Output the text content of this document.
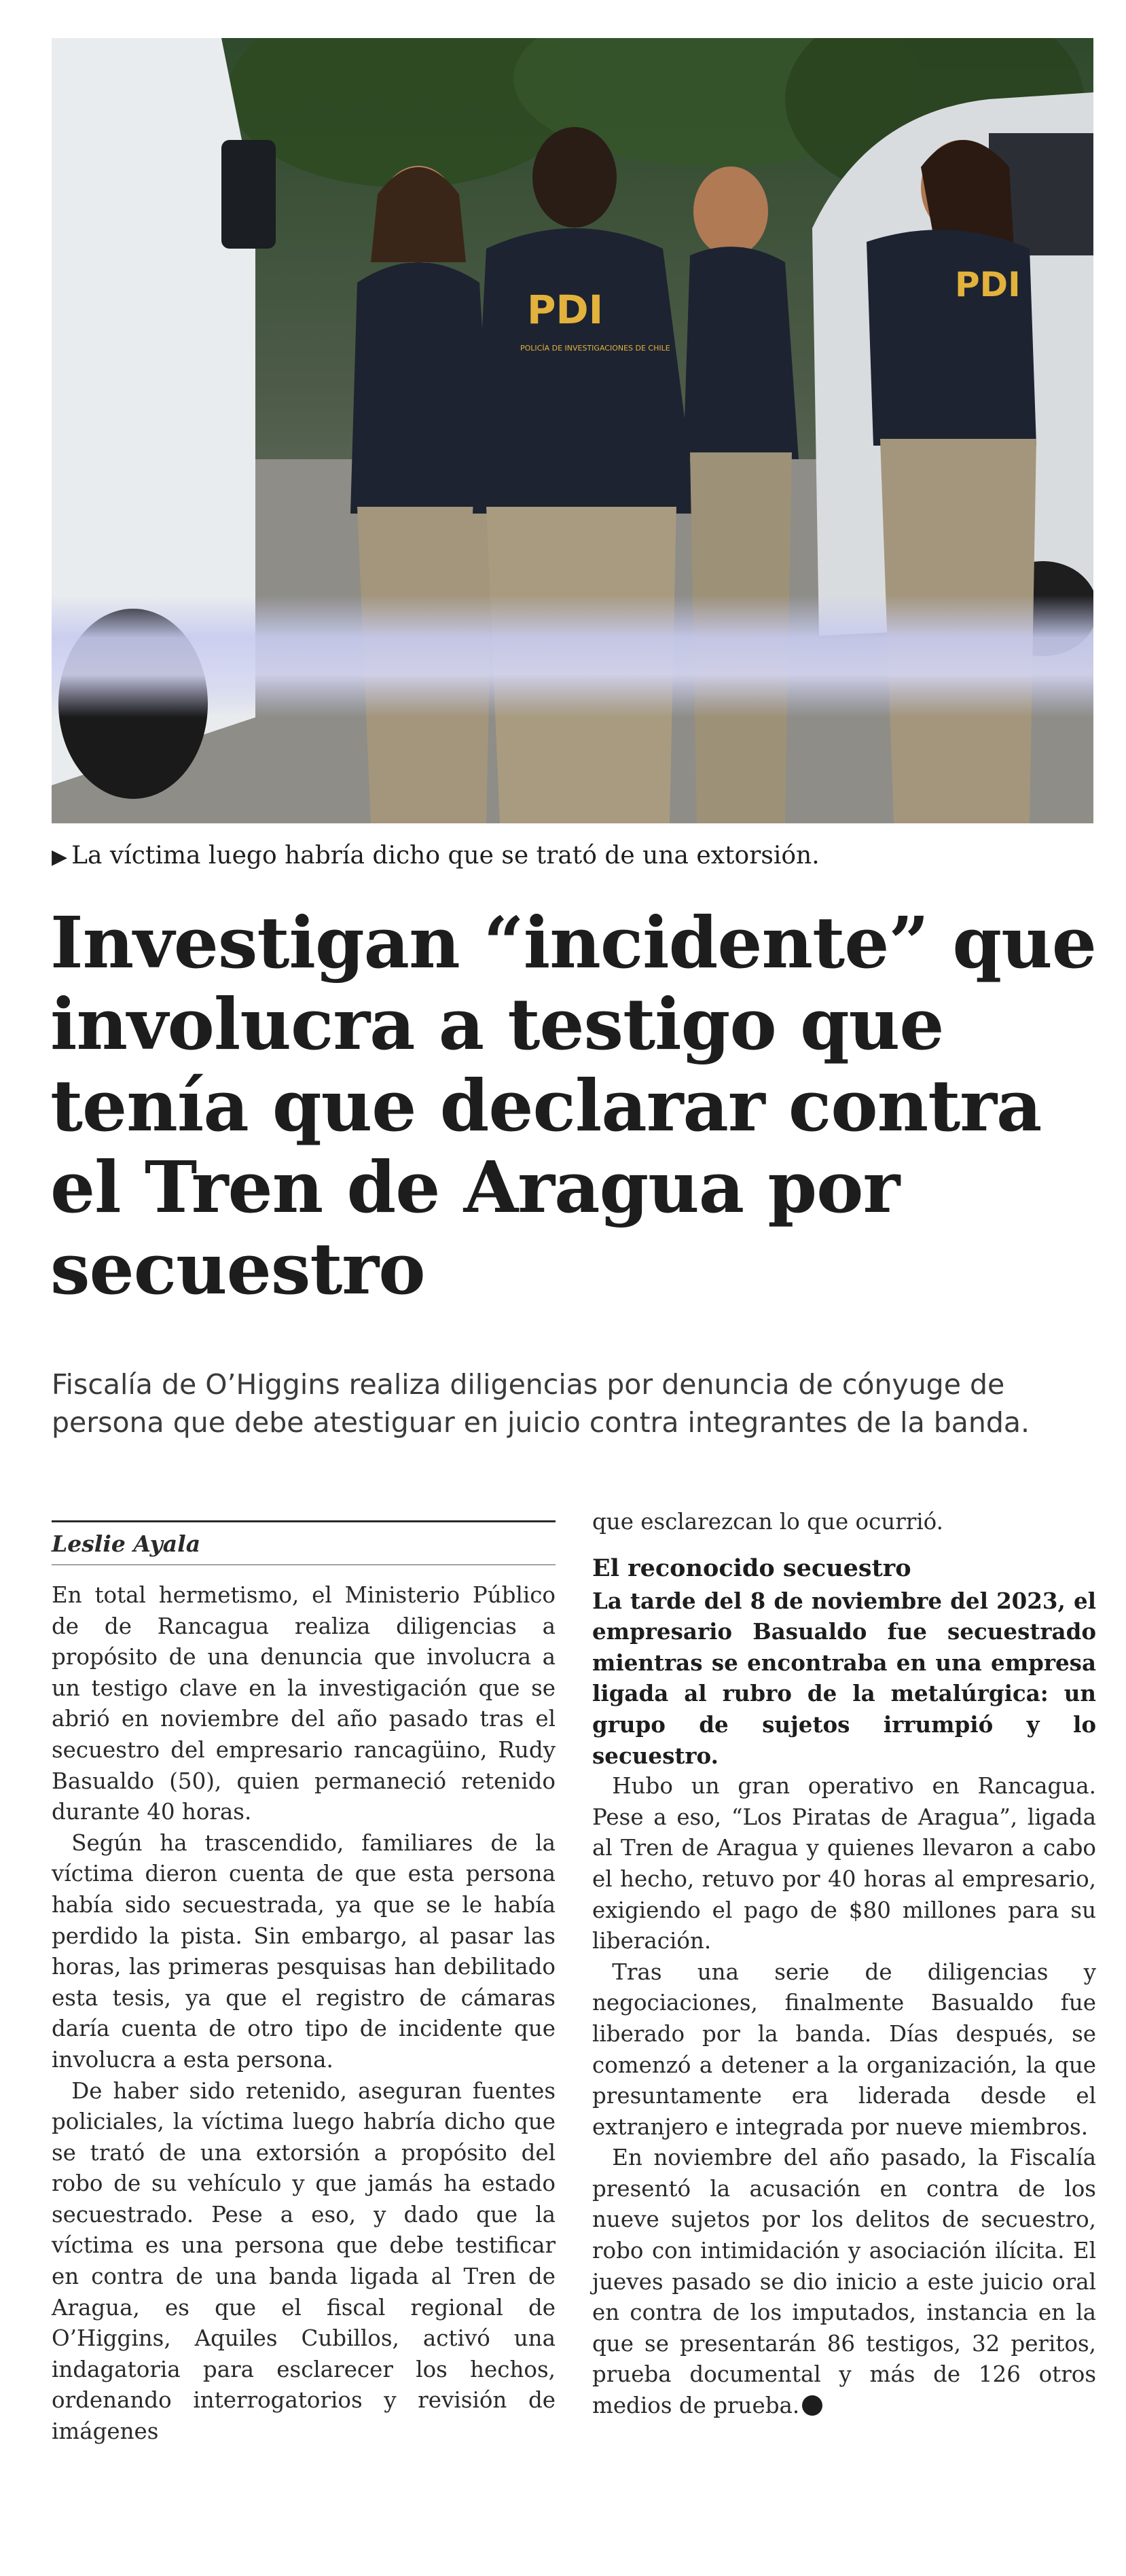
PDI
POLICÍA DE INVESTIGACIONES DE CHILE
PDI
▶ La víctima luego habría dicho que se trató de una extorsión.
Investigan “incidente” que involucra a testigo que tenía que declarar contra el Tren de Aragua por secuestro

Fiscalía de O’Higgins realiza diligencias por denuncia de cónyuge de persona que debe atestiguar en juicio contra integrantes de la banda.

Leslie Ayala

En total hermetismo, el Ministerio Público de de Rancagua realiza diligencias a propósito de una denuncia que involucra a un testigo clave en la investigación que se abrió en noviembre del año pasado tras el secuestro del empresario rancagüino, Rudy Basualdo (50), quien permaneció retenido durante 40 horas.

Según ha trascendido, familiares de la víctima dieron cuenta de que esta persona había sido secuestrada, ya que se le había perdido la pista. Sin embargo, al pasar las horas, las primeras pesquisas han debilitado esta tesis, ya que el registro de cámaras daría cuenta de otro tipo de incidente que involucra a esta persona.

De haber sido retenido, aseguran fuentes policiales, la víctima luego habría dicho que se trató de una extorsión a propósito del robo de su vehículo y que jamás ha estado secuestrado. Pese a eso, y dado que la víctima es una persona que debe testificar en contra de una banda ligada al Tren de Aragua, es que el fiscal regional de O’Higgins, Aquiles Cubillos, activó una indagatoria para esclarecer los hechos, ordenando interrogatorios y revisión de imágenes

que esclarezcan lo que ocurrió.

El reconocido secuestro

La tarde del 8 de noviembre del 2023, el empresario Basualdo fue secuestrado mientras se encontraba en una empresa ligada al rubro de la metalúrgica: un grupo de sujetos irrumpió y lo secuestro.

Hubo un gran operativo en Rancagua. Pese a eso, “Los Piratas de Aragua”, ligada al Tren de Aragua y quienes llevaron a cabo el hecho, retuvo por 40 horas al empresario, exigiendo el pago de $80 millones para su liberación.

Tras una serie de diligencias y negociaciones, finalmente Basualdo fue liberado por la banda. Días después, se comenzó a detener a la organización, la que presuntamente era liderada desde el extranjero e integrada por nueve miembros.

En noviembre del año pasado, la Fiscalía presentó la acusación en contra de los nueve sujetos por los delitos de secuestro, robo con intimidación y asociación ilícita. El jueves pasado se dio inicio a este juicio oral en contra de los imputados, instancia en la que se presentarán 86 testigos, 32 peritos, prueba documental y más de 126 otros medios de prueba.
